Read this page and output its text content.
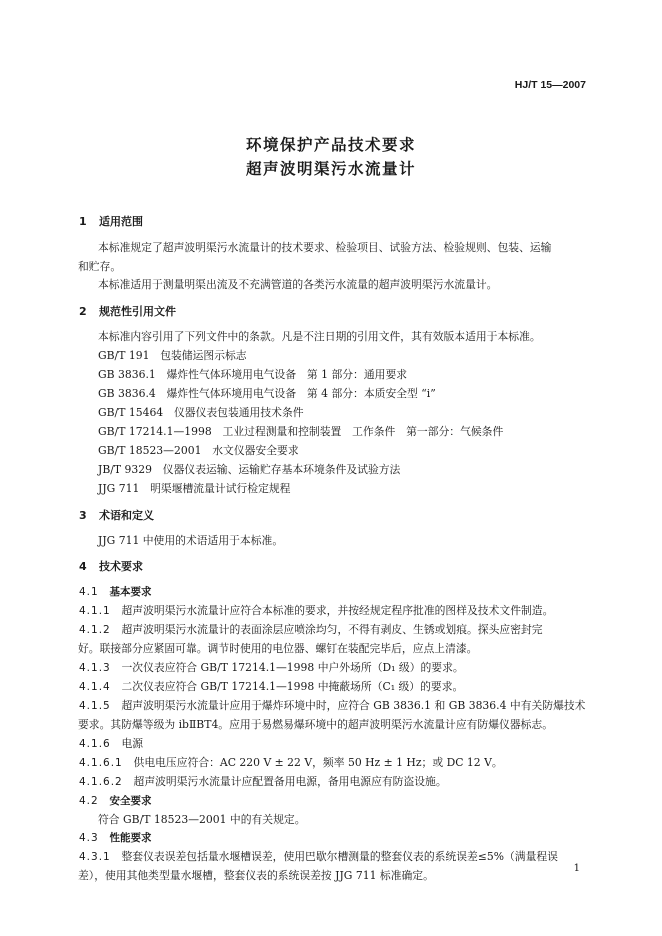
HJ/T 15—2007
环境保护产品技术要求
超声波明渠污水流量计
1 适用范围
本标准规定了超声波明渠污水流量计的技术要求、检验项目、试验方法、检验规则、包装、运输
和贮存。
本标准适用于测量明渠出流及不充满管道的各类污水流量的超声波明渠污水流量计。
2 规范性引用文件
本标准内容引用了下列文件中的条款。凡是不注日期的引用文件，其有效版本适用于本标准。
GB/T 191　包装储运图示标志
GB 3836.1　爆炸性气体环境用电气设备　第 1 部分：通用要求
GB 3836.4　爆炸性气体环境用电气设备　第 4 部分：本质安全型 “i”
GB/T 15464　仪器仪表包装通用技术条件
GB/T 17214.1—1998　工业过程测量和控制装置　工作条件　第一部分：气候条件
GB/T 18523—2001　水文仪器安全要求
JB/T 9329　仪器仪表运输、运输贮存基本环境条件及试验方法
JJG 711　明渠堰槽流量计试行检定规程
3 术语和定义
JJG 711 中使用的术语适用于本标准。
4 技术要求
4.1　 基本要求
4.1.1　 超声波明渠污水流量计应符合本标准的要求，并按经规定程序批准的图样及技术文件制造。
4.1.2　 超声波明渠污水流量计的表面涂层应喷涂均匀，不得有剥皮、生锈或划痕。探头应密封完
好。联接部分应紧固可靠。调节时使用的电位器、螺钉在装配完毕后，应点上清漆。
4.1.3　 一次仪表应符合 GB/T 17214.1—1998 中户外场所（D₁ 级）的要求。
4.1.4　 二次仪表应符合 GB/T 17214.1—1998 中掩蔽场所（C₁ 级）的要求。
4.1.5　 超声波明渠污水流量计应用于爆炸环境中时，应符合 GB 3836.1 和 GB 3836.4 中有关防爆技术
要求。其防爆等级为 ibⅡBT4。应用于易燃易爆环境中的超声波明渠污水流量计应有防爆仪器标志。
4.1.6　 电源
4.1.6.1　 供电电压应符合：AC 220 V ± 22 V，频率 50 Hz ± 1 Hz；或 DC 12 V。
4.1.6.2　 超声波明渠污水流量计应配置备用电源，备用电源应有防盗设施。
4.2　 安全要求
符合 GB/T 18523—2001 中的有关规定。
4.3　 性能要求
4.3.1　 整套仪表误差包括量水堰槽误差，使用巴歇尔槽测量的整套仪表的系统误差≤5%（满量程误
差），使用其他类型量水堰槽，整套仪表的系统误差按 JJG 711 标准确定。
1
